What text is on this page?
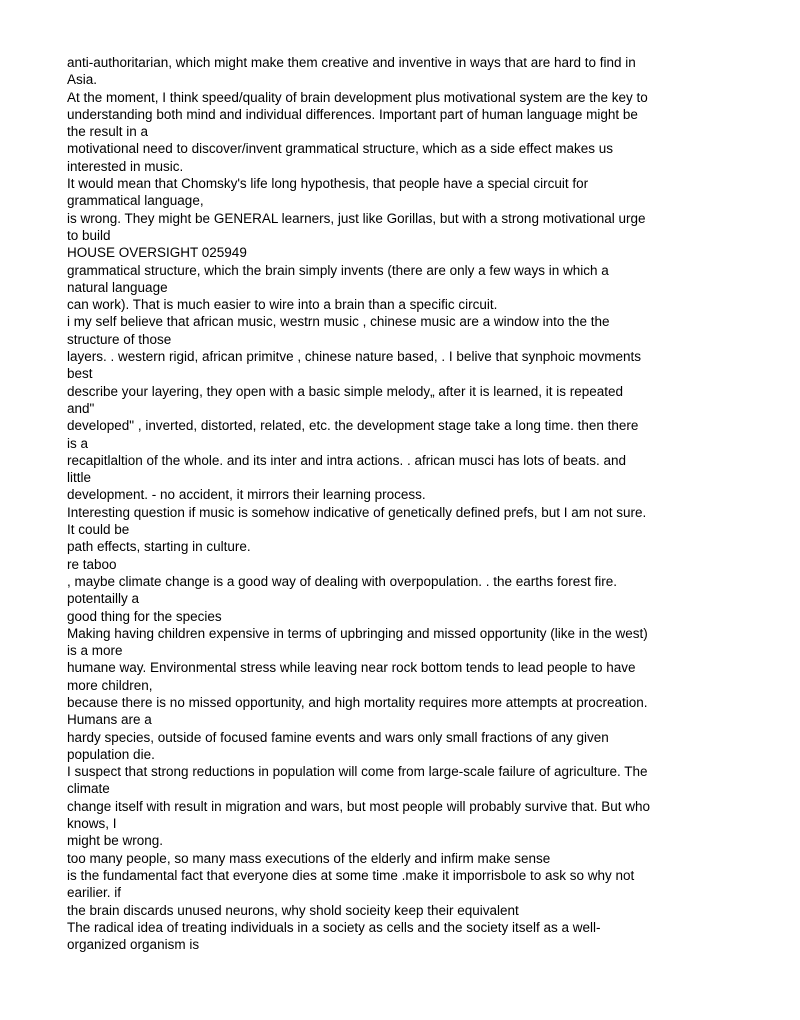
anti-authoritarian, which might make them creative and inventive in ways that are hard to find in
Asia.
At the moment, I think speed/quality of brain development plus motivational system are the key to
understanding both mind and individual differences. Important part of human language might be
the result in a
motivational need to discover/invent grammatical structure, which as a side effect makes us
interested in music.
It would mean that Chomsky's life long hypothesis, that people have a special circuit for
grammatical language,
is wrong. They might be GENERAL learners, just like Gorillas, but with a strong motivational urge
to build
HOUSE OVERSIGHT 025949
grammatical structure, which the brain simply invents (there are only a few ways in which a
natural language
can work). That is much easier to wire into a brain than a specific circuit.
i my self believe that african music, westrn music , chinese music are a window into the the
structure of those
layers. . western rigid, african primitve , chinese nature based, . I belive that synphoic movments
best
describe your layering, they open with a basic simple melody„ after it is learned, it is repeated
and"
developed" , inverted, distorted, related, etc. the development stage take a long time. then there
is a
recapitlaltion of the whole. and its inter and intra actions. . african musci has lots of beats. and
little
development. - no accident, it mirrors their learning process.
Interesting question if music is somehow indicative of genetically defined prefs, but I am not sure.
It could be
path effects, starting in culture.
re taboo
, maybe climate change is a good way of dealing with overpopulation. . the earths forest fire.
potentailly a
good thing for the species
Making having children expensive in terms of upbringing and missed opportunity (like in the west)
is a more
humane way. Environmental stress while leaving near rock bottom tends to lead people to have
more children,
because there is no missed opportunity, and high mortality requires more attempts at procreation.
Humans are a
hardy species, outside of focused famine events and wars only small fractions of any given
population die.
I suspect that strong reductions in population will come from large-scale failure of agriculture. The
climate
change itself with result in migration and wars, but most people will probably survive that. But who
knows, I
might be wrong.
too many people, so many mass executions of the elderly and infirm make sense
is the fundamental fact that everyone dies at some time .make it imporrisbole to ask so why not
earilier. if
the brain discards unused neurons, why shold socieity keep their equivalent
The radical idea of treating individuals in a society as cells and the society itself as a well-
organized organism is
